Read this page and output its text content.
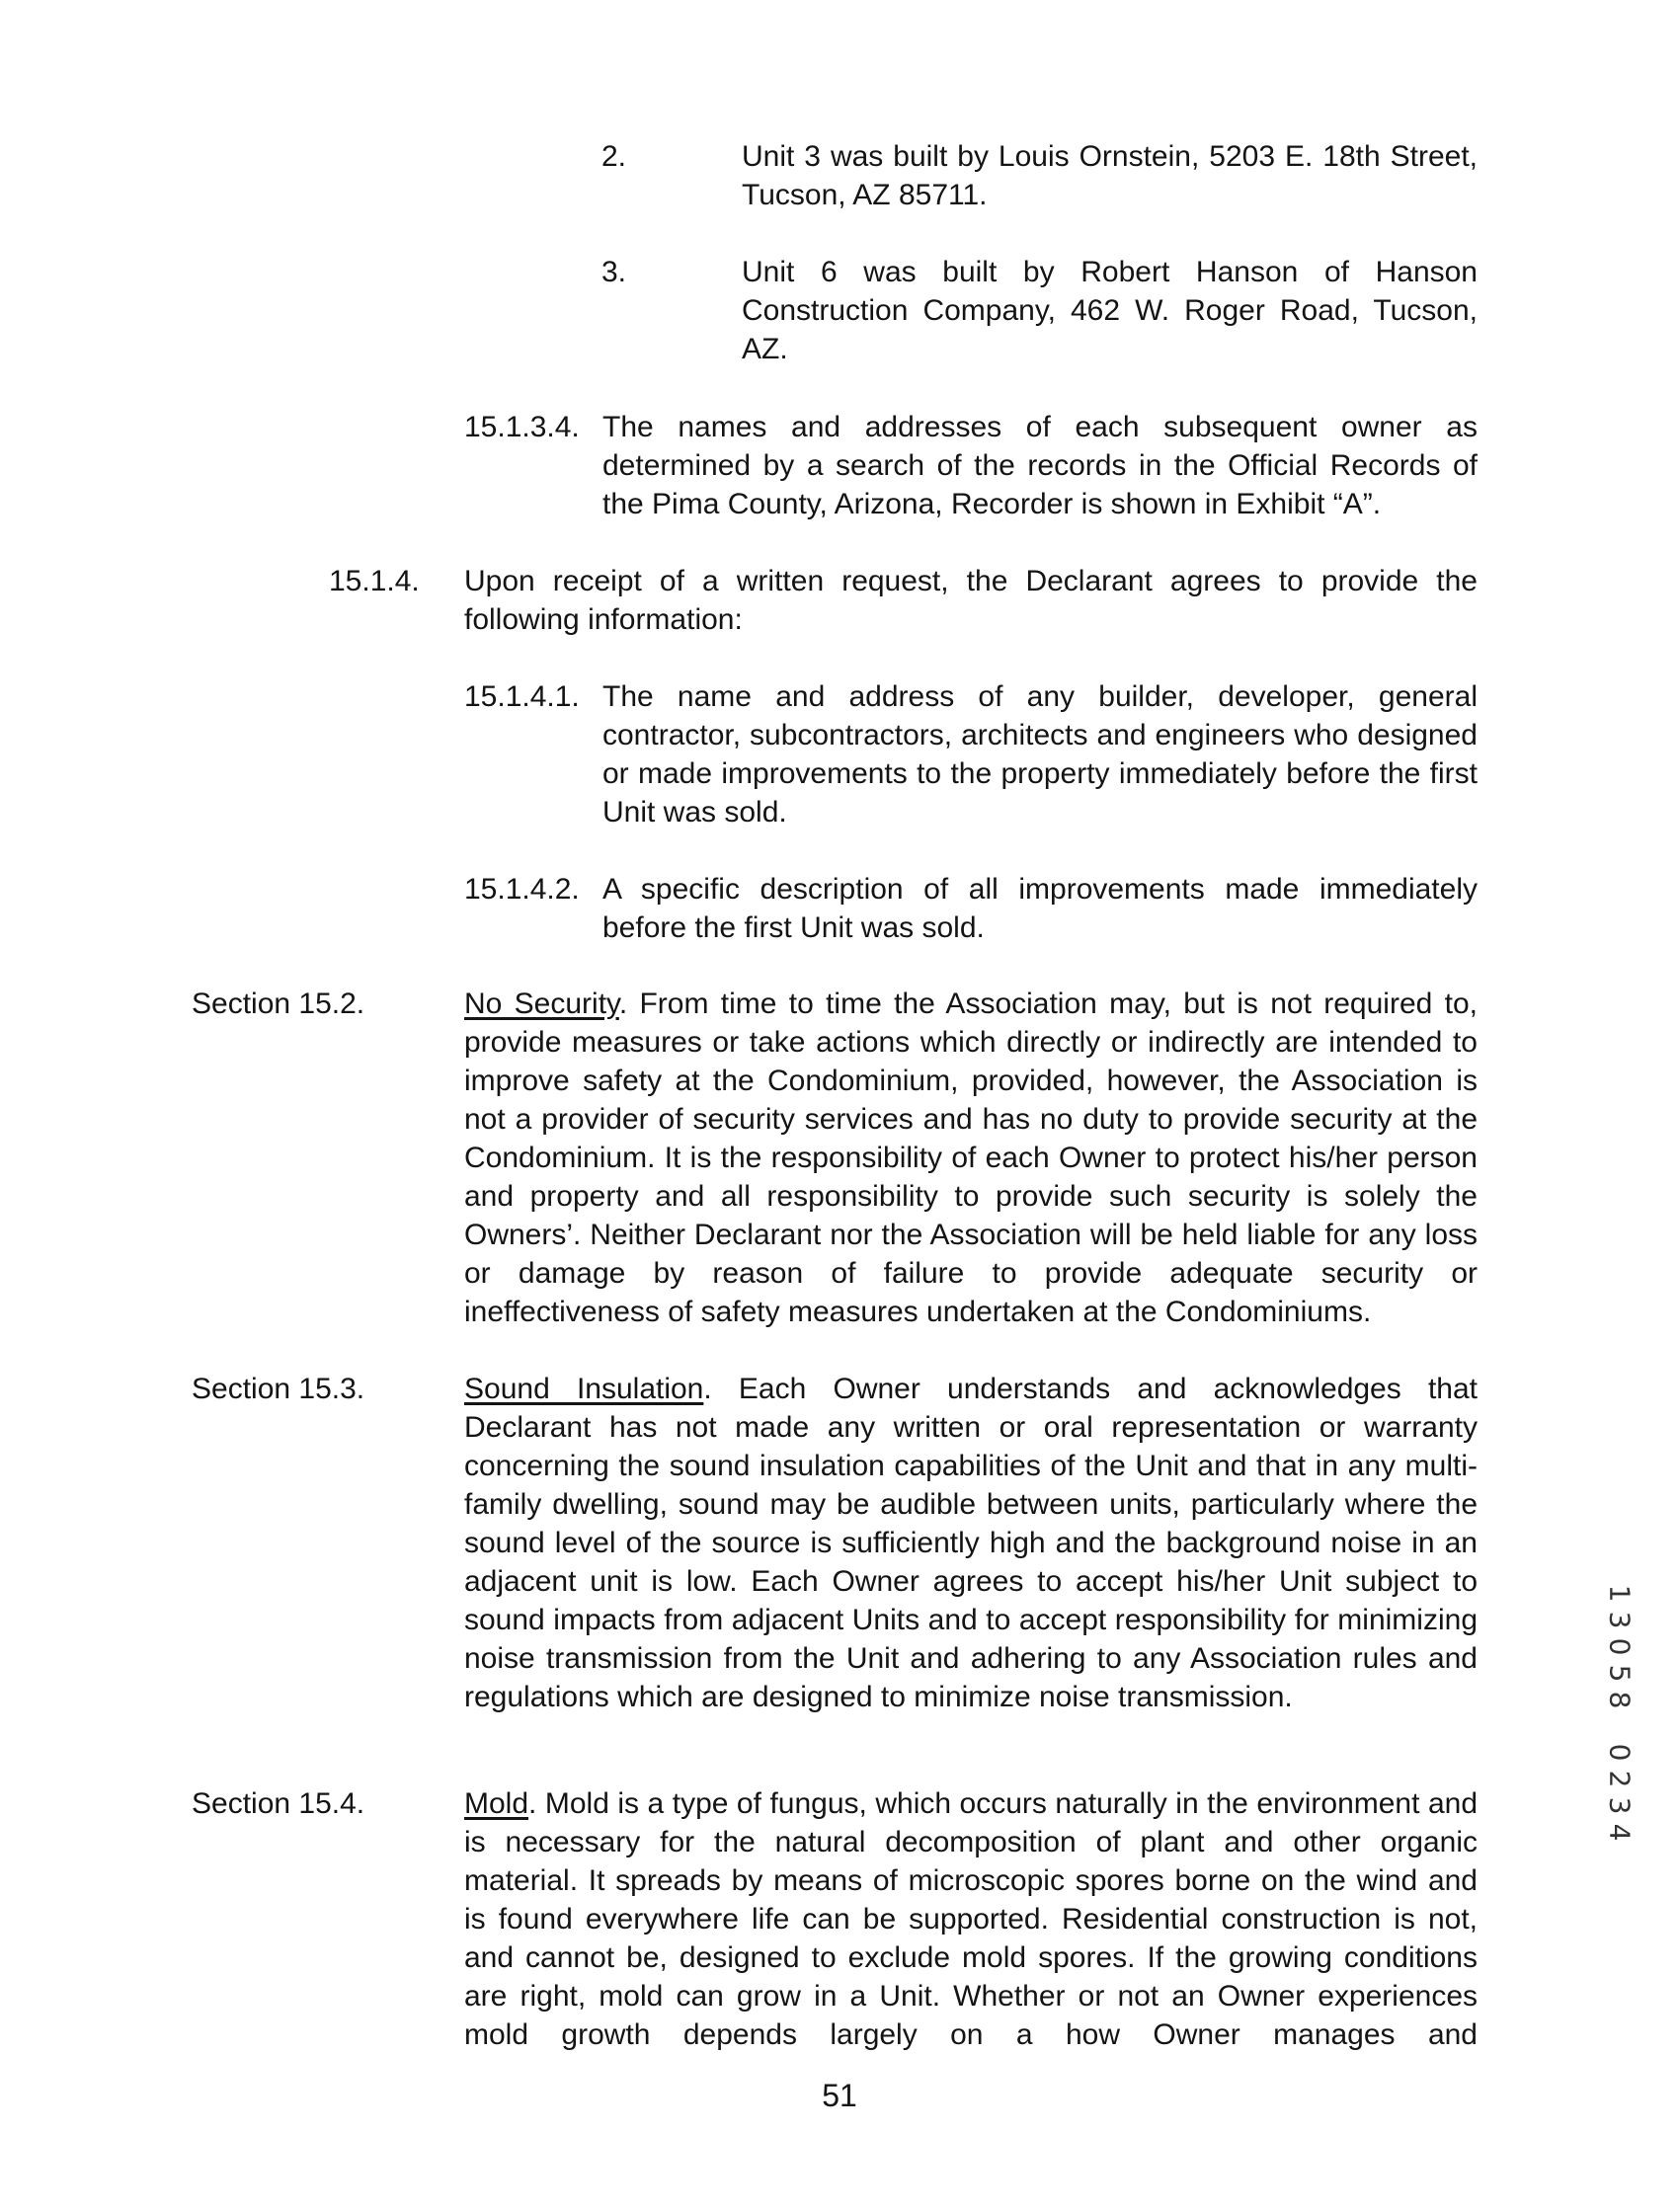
2.	Unit 3 was built by Louis Ornstein, 5203 E. 18th Street, Tucson, AZ 85711.

3.	Unit 6 was built by Robert Hanson of Hanson Construction Company, 462 W. Roger Road, Tucson, AZ.

15.1.3.4. The names and addresses of each subsequent owner as determined by a search of the records in the Official Records of the Pima County, Arizona, Recorder is shown in Exhibit “A”.

15.1.4. Upon receipt of a written request, the Declarant agrees to provide the following information:

15.1.4.1. The name and address of any builder, developer, general contractor, subcontractors, architects and engineers who designed or made improvements to the property immediately before the first Unit was sold.

15.1.4.2. A specific description of all improvements made immediately before the first Unit was sold.

Section 15.2.	No Security. From time to time the Association may, but is not required to, provide measures or take actions which directly or indirectly are intended to improve safety at the Condominium, provided, however, the Association is not a provider of security services and has no duty to provide security at the Condominium. It is the responsibility of each Owner to protect his/her person and property and all responsibility to provide such security is solely the Owners’. Neither Declarant nor the Association will be held liable for any loss or damage by reason of failure to provide adequate security or ineffectiveness of safety measures undertaken at the Condominiums.

Section 15.3.	Sound Insulation. Each Owner understands and acknowledges that Declarant has not made any written or oral representation or warranty concerning the sound insulation capabilities of the Unit and that in any multi-family dwelling, sound may be audible between units, particularly where the sound level of the source is sufficiently high and the background noise in an adjacent unit is low. Each Owner agrees to accept his/her Unit subject to sound impacts from adjacent Units and to accept responsibility for minimizing noise transmission from the Unit and adhering to any Association rules and regulations which are designed to minimize noise transmission.

Section 15.4.	Mold. Mold is a type of fungus, which occurs naturally in the environment and is necessary for the natural decomposition of plant and other organic material. It spreads by means of microscopic spores borne on the wind and is found everywhere life can be supported. Residential construction is not, and cannot be, designed to exclude mold spores. If the growing conditions are right, mold can grow in a Unit. Whether or not an Owner experiences mold growth depends largely on a how Owner manages and

51
1
3
0
5
8
0
2
3
4
